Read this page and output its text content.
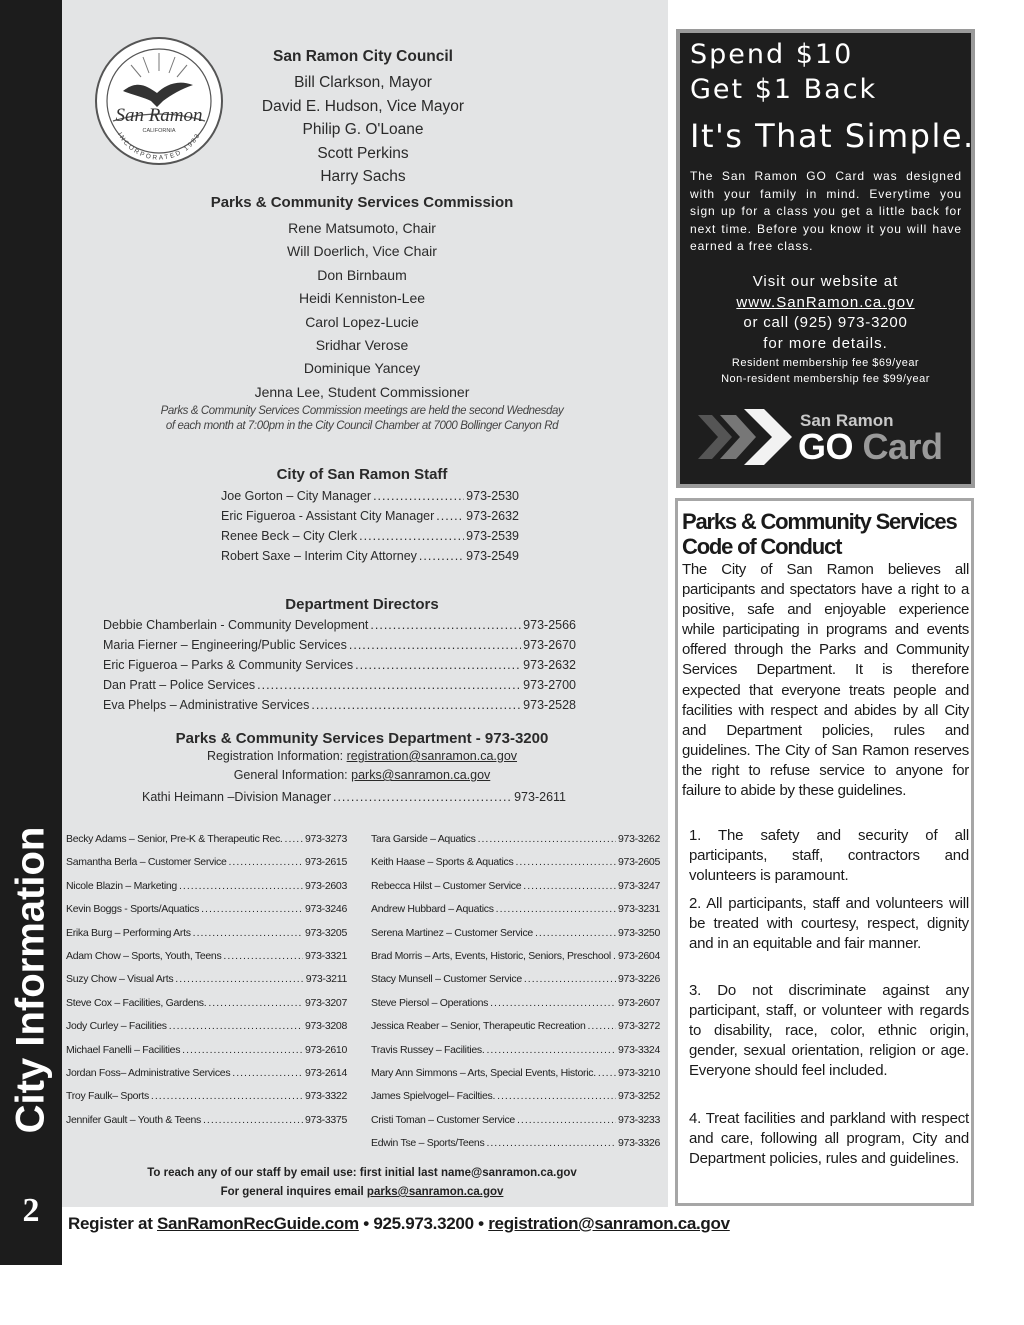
City Information
2
San Ramon
CALIFORNIA
INCORPORATED 1983
San Ramon City Council
Bill Clarkson, Mayor
David E. Hudson, Vice Mayor
Philip G. O'Loane
Scott Perkins
Harry Sachs
Parks & Community Services Commission
Rene Matsumoto, Chair
Will Doerlich, Vice Chair
Don Birnbaum
Heidi Kenniston-Lee
Carol Lopez-Lucie
Sridhar Verose
Dominique Yancey
Jenna Lee, Student Commissioner
Parks & Community Services Commission meetings are held the second Wednesday
of each month at 7:00pm in the City Council Chamber at 7000 Bollinger Canyon Rd
City of San Ramon Staff
Joe Gorton – City Manager .....	973-2530
Eric Figueroa - Assistant City Manager .....	973-2632
Renee Beck – City Clerk .....	973-2539
Robert Saxe – Interim City Attorney .....	973-2549
Department Directors
Debbie Chamberlain - Community Development .....	973-2566
Maria Fierner – Engineering/Public Services .....	973-2670
Eric Figueroa – Parks & Community Services .....	973-2632
Dan Pratt – Police Services .....	973-2700
Eva Phelps – Administrative Services .....	973-2528
Parks & Community Services Department - 973-3200
Registration Information: registration@sanramon.ca.gov
General Information: parks@sanramon.ca.gov
Kathi Heimann –Division Manager .....	973-2611
Becky Adams – Senior, Pre-K & Therapeutic Rec. ..... 973-3273
Samantha Berla – Customer Service .....	973-2615
Nicole Blazin – Marketing .....	973-2603
Kevin Boggs - Sports/Aquatics .....	973-3246
Erika Burg – Performing Arts .....	973-3205
Adam Chow – Sports, Youth, Teens .....	973-3321
Suzy Chow – Visual Arts .....	973-3211
Steve Cox – Facilities, Gardens. .....	973-3207
Jody Curley – Facilities .....	973-3208
Michael Fanelli – Facilities .....	973-2610
Jordan Foss– Administrative Services .....	973-2614
Troy Faulk– Sports .....	973-3322
Jennifer Gault – Youth & Teens .....	973-3375
Tara Garside – Aquatics .....	973-3262
Keith Haase – Sports & Aquatics .....	973-2605
Rebecca Hilst – Customer Service .....	973-3247
Andrew Hubbard – Aquatics .....	973-3231
Serena Martinez – Customer Service .....	973-3250
Brad Morris – Arts, Events, Historic, Seniors, Preschool ..... 973-2604
Stacy Munsell – Customer Service .....	973-3226
Steve Piersol – Operations .....	973-2607
Jessica Reaber – Senior, Therapeutic Recreation .....	973-3272
Travis Russey – Facilities. .....	973-3324
Mary Ann Simmons – Arts, Special Events, Historic. ..... 973-3210
James Spielvogel– Facilties. .....	973-3252
Cristi Toman – Customer Service .....	973-3233
Edwin Tse – Sports/Teens .....	973-3326
To reach any of our staff by email use: first initial last name@sanramon.ca.gov
For general inquires email parks@sanramon.ca.gov
Register at SanRamonRecGuide.com • 925.973.3200 • registration@sanramon.ca.gov
Spend $10
Get $1 Back
It's That Simple.
The San Ramon GO Card was designed with your family in mind. Everytime you sign up for a class you get a little back for next time. Before you know it you will have earned a free class.
Visit our website at
www.SanRamon.ca.gov
or call (925) 973-3200
for more details.
Resident membership fee $69/year
Non-resident membership fee $99/year
San Ramon
GO Card
Parks & Community Services Code of Conduct
The City of San Ramon believes all participants and spectators have a right to a positive, safe and enjoyable experience while participating in programs and events offered through the Parks and Community Services Department. It is therefore expected that everyone treats people and facilities with respect and abides by all City and Department policies, rules and guidelines. The City of San Ramon reserves the right to refuse service to anyone for failure to abide by these guidelines.
1. The safety and security of all participants, staff, contractors and volunteers is paramount.
2. All participants, staff and volunteers will be treated with courtesy, respect, dignity and in an equitable and fair manner.
3. Do not discriminate against any participant, staff, or volunteer with regards to disability, race, color, ethnic origin, gender, sexual orientation, religion or age. Everyone should feel included.
4. Treat facilities and parkland with respect and care, following all program, City and Department policies, rules and guidelines.
